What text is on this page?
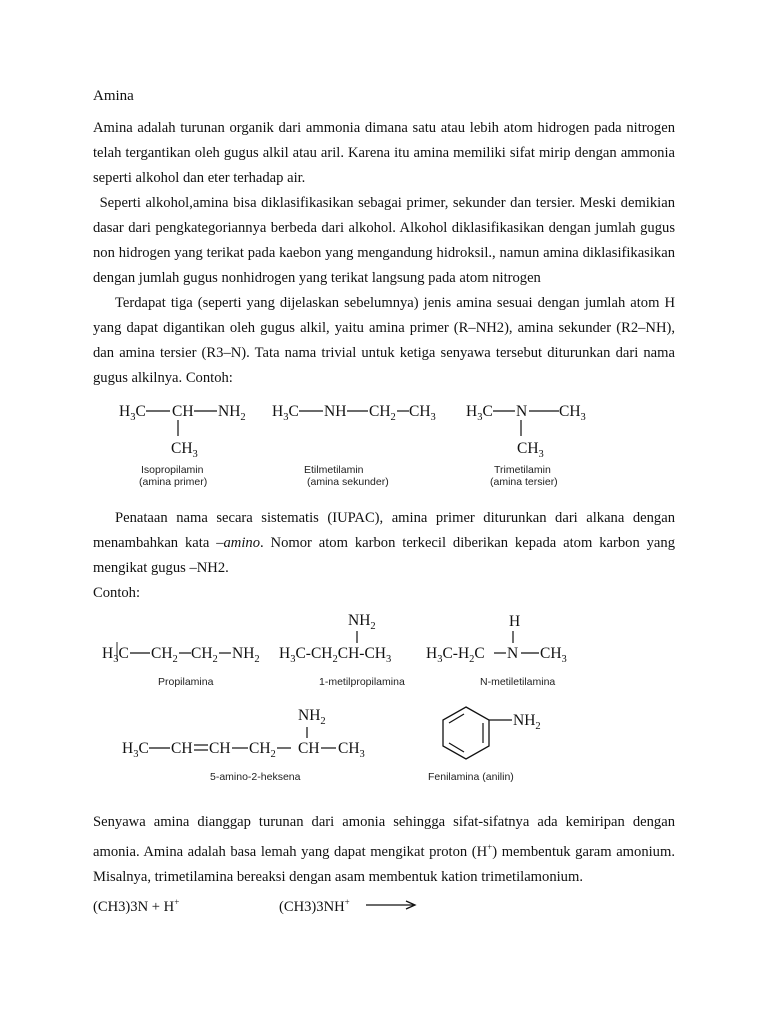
Amina

Amina adalah turunan organik dari ammonia dimana satu atau lebih atom hidrogen pada nitrogen telah tergantikan oleh gugus alkil atau aril. Karena itu amina memiliki sifat mirip dengan ammonia seperti alkohol dan eter terhadap air.

Seperti alkohol,amina bisa diklasifikasikan sebagai primer, sekunder dan tersier. Meski demikian dasar dari pengkategoriannya berbeda dari alkohol. Alkohol diklasifikasikan dengan jumlah gugus non hidrogen yang terikat pada kaebon yang mengandung hidroksil., namun amina diklasifikasikan dengan jumlah gugus nonhidrogen yang terikat langsung pada atom nitrogen

Terdapat tiga (seperti yang dijelaskan sebelumnya) jenis amina sesuai dengan jumlah atom H yang dapat digantikan oleh gugus alkil, yaitu amina primer (R–NH2), amina sekunder (R2–NH), dan amina tersier (R3–N). Tata nama trivial untuk ketiga senyawa tersebut diturunkan dari nama gugus alkilnya. Contoh:

$H_3C$ CH $NH_2$
$CH_3$
Isopropilamin
(amina primer)
$H_3C$ NH $CH_2$ $CH_3$
Etilmetilamin
(amina sekunder)
$H_3C$ N $CH_3$
$CH_3$
Trimetilamin
(amina tersier)

Penataan nama secara sistematis (IUPAC), amina primer diturunkan dari alkana dengan menambahkan kata –amino. Nomor atom karbon terkecil diberikan kepada atom karbon yang mengikat gugus –NH2.

Contoh:

$H_3C$ $CH_2$ $CH_2$ $NH_2$
Propilamina
$H_3C-CH_2CH-CH_3$
$NH_2$
1-metilpropilamina
$H_3C-H_2C$ N
H
$CH_3$
N-metiletilamina
$H_3C$ CH CH $CH_2$ CH $CH_3$
$NH_2$
5-amino-2-heksena
$NH_2$
Fenilamina (anilin)

Senyawa amina dianggap turunan dari amonia sehingga sifat-sifatnya ada kemiripan dengan amonia. Amina adalah basa lemah yang dapat mengikat proton (H+) membentuk garam amonium. Misalnya, trimetilamina bereaksi dengan asam membentuk kation trimetilamonium.

(CH3)3N + H+	(CH3)3NH+ →
